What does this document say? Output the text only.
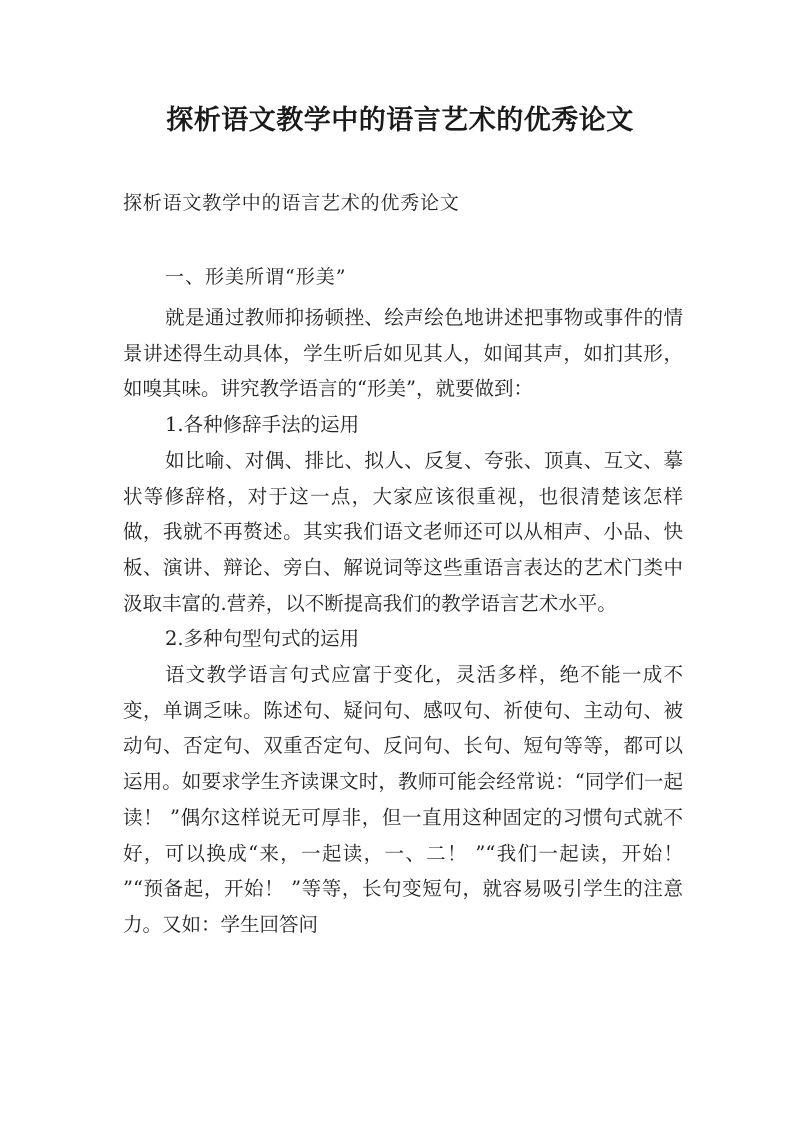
探析语文教学中的语言艺术的优秀论文
探析语文教学中的语言艺术的优秀论文
一、形美所谓“形美”

就是通过教师抑扬顿挫、绘声绘色地讲述把事物或事件的情景讲述得生动具体，学生听后如见其人，如闻其声，如扪其形，如嗅其味。讲究教学语言的“形美”，就要做到：

1.各种修辞手法的运用

如比喻、对偶、排比、拟人、反复、夸张、顶真、互文、摹状等修辞格，对于这一点，大家应该很重视，也很清楚该怎样做，我就不再赘述。其实我们语文老师还可以从相声、小品、快板、演讲、辩论、旁白、解说词等这些重语言表达的艺术门类中汲取丰富的.营养，以不断提高我们的教学语言艺术水平。

2.多种句型句式的运用

语文教学语言句式应富于变化，灵活多样，绝不能一成不变，单调乏味。陈述句、疑问句、感叹句、祈使句、主动句、被动句、否定句、双重否定句、反问句、长句、短句等等，都可以运用。如要求学生齐读课文时，教师可能会经常说：“同学们一起读！ ”偶尔这样说无可厚非，但一直用这种固定的习惯句式就不好，可以换成“来，一起读，一、二！ ”“我们一起读，开始！ ”“预备起，开始！ ”等等，长句变短句，就容易吸引学生的注意力。又如：学生回答问
